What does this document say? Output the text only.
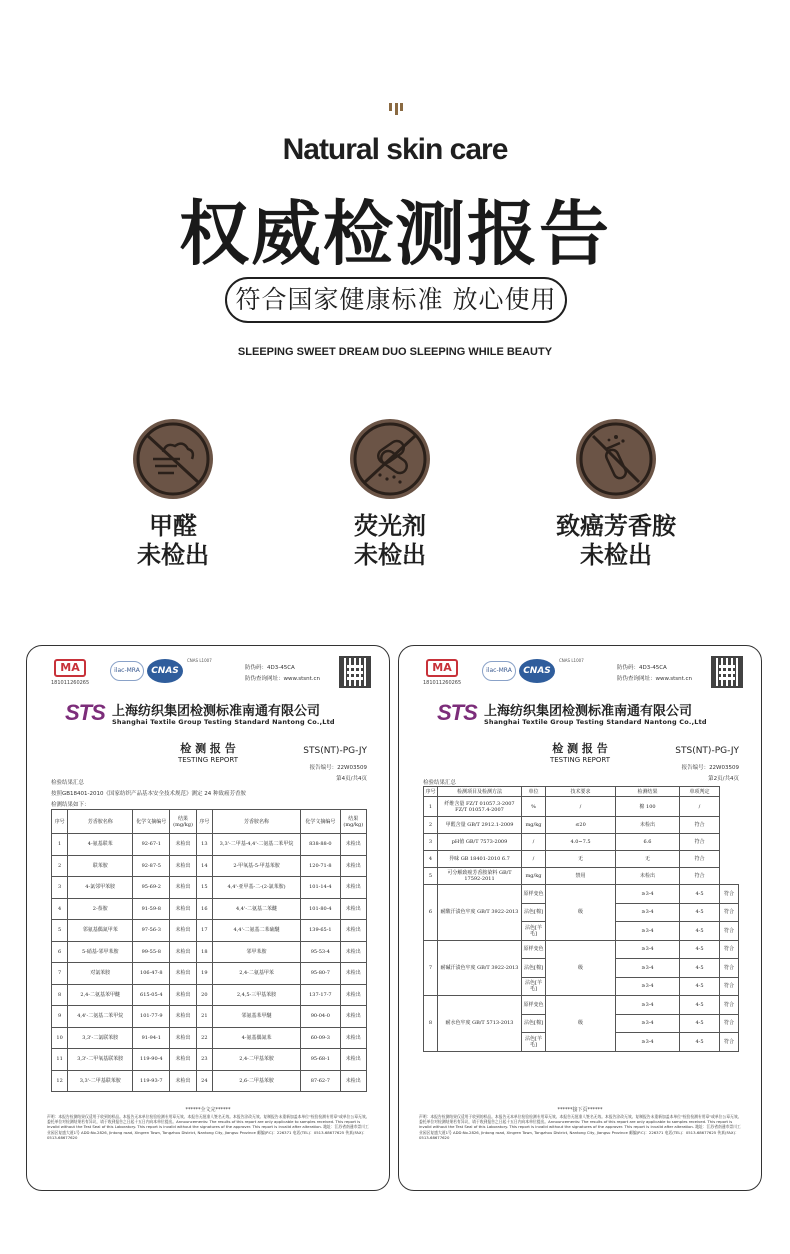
Natural skin care
权威检测报告
符合国家健康标准 放心使用
SLEEPING SWEET DREAM DUO SLEEPING WHILE BEAUTY
甲醛
未检出
荧光剂
未检出
致癌芳香胺
未检出
MA
181011260265
ilac-MRA	CNAS
CNAS L1007
防伪码：4D3-45CA
防伪查询网址：www.stsnt.cn
STS 上海纺织集团检测标准南通有限公司
Shanghai Textile Group Testing Standard Nantong Co.,Ltd
检 测 报 告
TESTING REPORT
STS(NT)-PG-JY
报告编号：22W03509
第4页/共4页
检验结果汇总
按照GB18401-2010《国家纺织产品基本安全技术规范》测定 24 种致癌芳香胺
检测结果如下：
序号	芳香胺名称	化学文摘编号	结果(mg/kg)	序号	芳香胺名称	化学文摘编号	结果(mg/kg)
1	4-氨基联苯	92-67-1	未检出	13	3,3'-二甲基-4,4'-二氨基二苯甲烷	838-88-0	未检出
2	联苯胺	92-87-5	未检出	14	2-甲氧基-5-甲基苯胺	120-71-8	未检出
3	4-氯邻甲苯胺	95-69-2	未检出	15	4,4'-亚甲基-二-(2-氯苯胺)	101-14-4	未检出
4	2-萘胺	91-59-8	未检出	16	4,4'-二氨基二苯醚	101-80-4	未检出
5	邻氨基偶氮甲苯	97-56-3	未检出	17	4,4'-二氨基二苯硫醚	139-65-1	未检出
6	5-硝基-邻甲苯胺	99-55-8	未检出	18	邻甲苯胺	95-53-4	未检出
7	对氯苯胺	106-47-8	未检出	19	2,4-二氨基甲苯	95-80-7	未检出
8	2,4-二氨基苯甲醚	615-05-4	未检出	20	2,4,5-三甲基苯胺	137-17-7	未检出
9	4,4'-二氨基二苯甲烷	101-77-9	未检出	21	邻氨基苯甲醚	90-04-0	未检出
10	3,3'-二氯联苯胺	91-94-1	未检出	22	4-氨基偶氮苯	60-09-3	未检出
11	3,3'-二甲氧基联苯胺	119-90-4	未检出	23	2,4-二甲基苯胺	95-68-1	未检出
12	3,3'-二甲基联苯胺	119-93-7	未检出	24	2,6-二甲基苯胺	87-62-7	未检出
******全文完******
声明：本报告检测结果仅适用于收到的样品。本报告无本单位检验检测专用章无效。本报告无批准人签名无效。本报告涂改无效。复制报告未重新加盖本单位"检验检测专用章"或单位公章无效。委托单位对检测结果若有异议，请于收到报告之日起十五日内向本单位提出。Announcements: The results of this report are only applicable to samples received. This report is invalid without the Test Seal of this Laboratory. This report is invalid without the signatures of the approver. This report is invalid after alteration. 地址：江苏省南通市崇川工业园区复盛大道1号 ADD:No.2826, Jintong road, Xingren Town, Tongzhou District, Nantong City, Jiangsu Province 邮编(P.C)：226371 电话(TEL)：0513-68677625 传真(FAX)：0513-68677620
MA
181011260265
ilac-MRA	CNAS
CNAS L1007
防伪码：4D3-45CA
防伪查询网址：www.stsnt.cn
STS 上海纺织集团检测标准南通有限公司
Shanghai Textile Group Testing Standard Nantong Co.,Ltd
检 测 报 告
TESTING REPORT
STS(NT)-PG-JY
报告编号：22W03509
第2页/共4页
检验结果汇总
序号	检测项目及检测方法	单位	技术要求	检测结果	单项判定	
1	纤维含量 FZ/T 01057.3-2007 FZ/T 01057.4-2007	%	/	棉 100	/	
2	甲醛含量 GB/T 2912.1-2009	mg/kg	≤20	未检出	符合	
3	pH值 GB/T 7573-2009	/	4.0~7.5	6.6	符合	
4	异味 GB 18401-2010 6.7	/	无	无	符合	
5	可分解致癌芳香胺染料 GB/T 17592-2011	mg/kg	禁用	未检出	符合	
6	耐酸汗渍色牢度 GB/T 3922-2013	原样变色	级	≥3-4	4-5	符合
		沾色[棉]		≥3-4	4-5	符合
		沾色[羊毛]		≥3-4	4-5	符合
7	耐碱汗渍色牢度 GB/T 3922-2013	原样变色	级	≥3-4	4-5	符合
		沾色[棉]		≥3-4	4-5	符合
		沾色[羊毛]		≥3-4	4-5	符合
8	耐水色牢度 GB/T 5713-2013	原样变色	级	≥3-4	4-5	符合
		沾色[棉]		≥3-4	4-5	符合
		沾色[羊毛]		≥3-4	4-5	符合
******接下页******
声明：本报告检测结果仅适用于收到的样品。本报告无本单位检验检测专用章无效。本报告无批准人签名无效。本报告涂改无效。复制报告未重新加盖本单位"检验检测专用章"或单位公章无效。委托单位对检测结果若有异议，请于收到报告之日起十五日内向本单位提出。Announcements: The results of this report are only applicable to samples received. This report is invalid without the Test Seal of this Laboratory. This report is invalid without the signatures of the approver. This report is invalid after alteration. 地址：江苏省南通市崇川工业园区复盛大道1号 ADD:No.2826, Jintong road, Xingren Town, Tongzhou District, Nantong City, Jiangsu Province 邮编(P.C)：226371 电话(TEL)：0513-68677625 传真(FAX)：0513-68677620
